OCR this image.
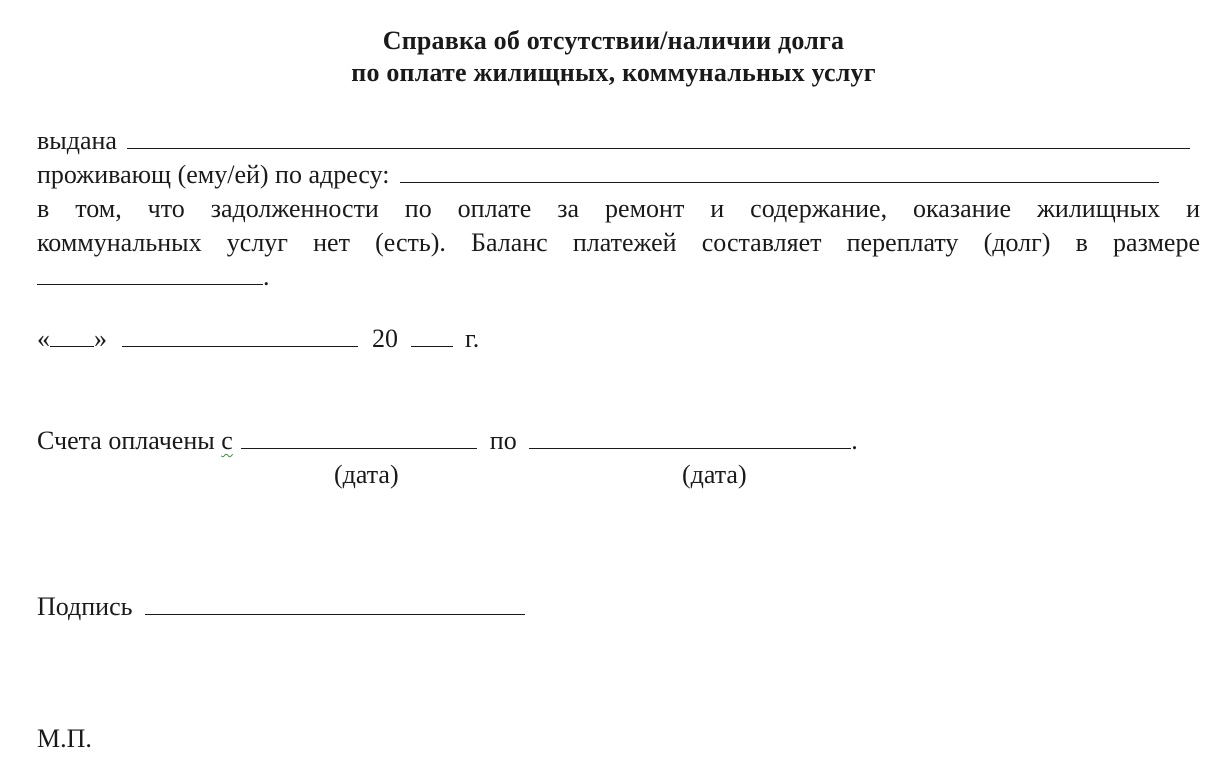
Справка об отсутствии/наличии долга
по оплате жилищных, коммунальных услуг
выдана
проживающ (ему/ей) по адресу:
в том, что задолженности по оплате за ремонт и содержание, оказание жилищных и
коммунальных услуг нет (есть). Баланс платежей составляет переплату (долг) в размере
.
« »	20	г.
Счета оплачены с	по	.
(дата)	(дата)
Подпись
М.П.
